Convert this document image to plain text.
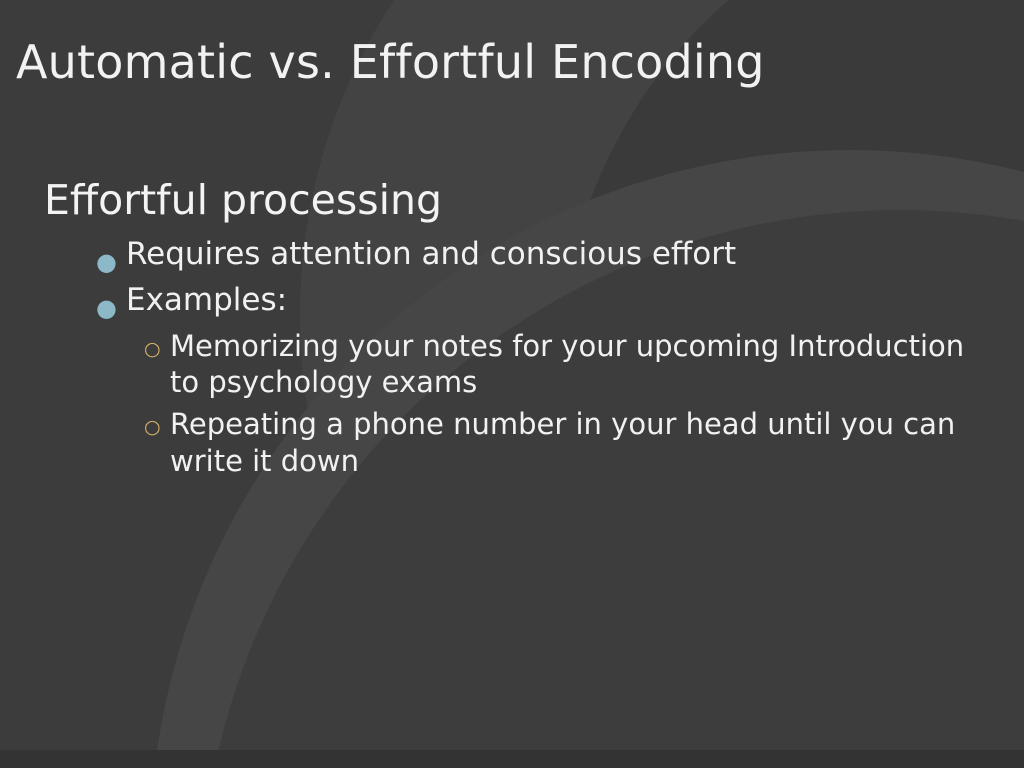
Automatic vs. Effortful Encoding
Effortful processing
● Requires attention and conscious effort
● Examples:
○ Memorizing your notes for your upcoming Introduction to psychology exams
○ Repeating a phone number in your head until you can write it down
